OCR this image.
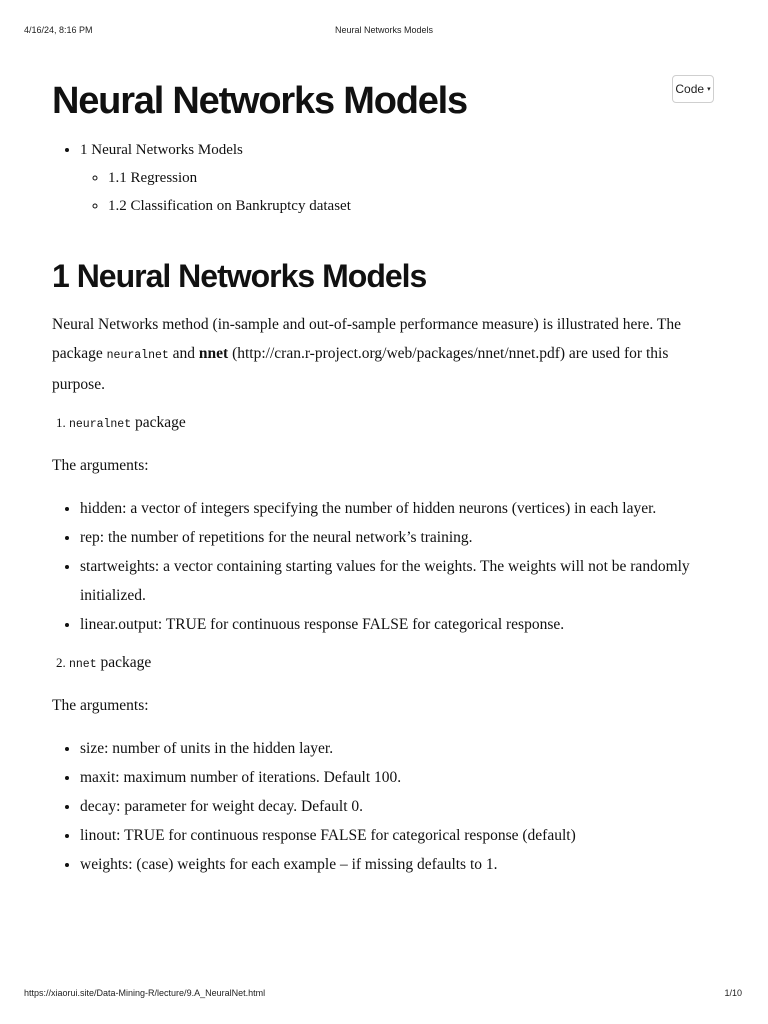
4/16/24, 8:16 PM	Neural Networks Models
Code ▾
Neural Networks Models
• 1 Neural Networks Models
◦ 1.1 Regression
◦ 1.2 Classification on Bankruptcy dataset
1 Neural Networks Models

Neural Networks method (in-sample and out-of-sample performance measure) is illustrated here. The package neuralnet and nnet (http://cran.r-project.org/web/packages/nnet/nnet.pdf) are used for this purpose.

1. neuralnet package

The arguments:

• hidden: a vector of integers specifying the number of hidden neurons (vertices) in each layer.
• rep: the number of repetitions for the neural network’s training.
• startweights: a vector containing starting values for the weights. The weights will not be randomly initialized.
• linear.output: TRUE for continuous response FALSE for categorical response.
2. nnet package

The arguments:

• size: number of units in the hidden layer.
• maxit: maximum number of iterations. Default 100.
• decay: parameter for weight decay. Default 0.
• linout: TRUE for continuous response FALSE for categorical response (default)
• weights: (case) weights for each example – if missing defaults to 1.
https://xiaorui.site/Data-Mining-R/lecture/9.A_NeuralNet.html	1/10
